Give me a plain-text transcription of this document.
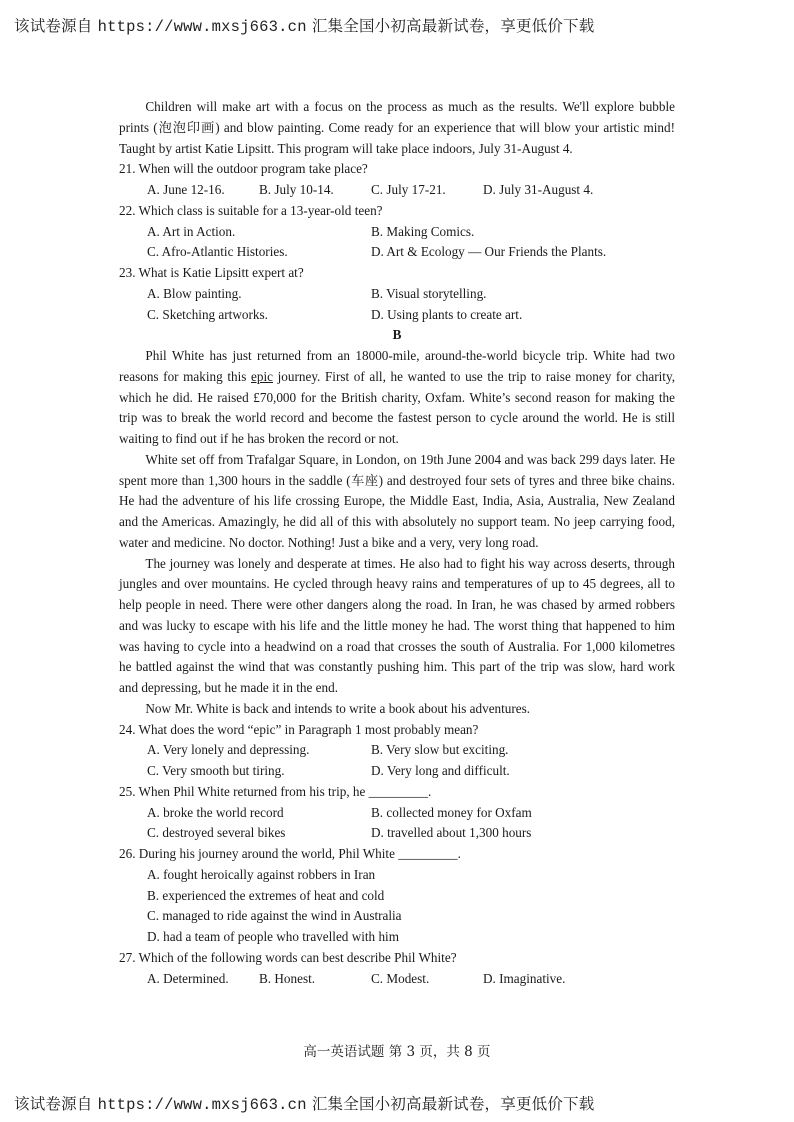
该试卷源自 https://www.mxsj663.cn 汇集全国小初高最新试卷，享更低价下载

Children will make art with a focus on the process as much as the results. We'll explore bubble prints (泡泡印画) and blow painting. Come ready for an experience that will blow your artistic mind! Taught by artist Katie Lipsitt. This program will take place indoors, July 31-August 4.

21. When will the outdoor program take place?

A. June 12-16.	B. July 10-14.	C. July 17-21.	D. July 31-August 4.

22. Which class is suitable for a 13-year-old teen?

A. Art in Action.	B. Making Comics.
C. Afro-Atlantic Histories.	D. Art & Ecology — Our Friends the Plants.

23. What is Katie Lipsitt expert at?

A. Blow painting.	B. Visual storytelling.
C. Sketching artworks.	D. Using plants to create art.

B

Phil White has just returned from an 18000-mile, around-the-world bicycle trip. White had two reasons for making this epic journey. First of all, he wanted to use the trip to raise money for charity, which he did. He raised £70,000 for the British charity, Oxfam. White’s second reason for making the trip was to break the world record and become the fastest person to cycle around the world. He is still waiting to find out if he has broken the record or not.

White set off from Trafalgar Square, in London, on 19th June 2004 and was back 299 days later. He spent more than 1,300 hours in the saddle (车座) and destroyed four sets of tyres and three bike chains. He had the adventure of his life crossing Europe, the Middle East, India, Asia, Australia, New Zealand and the Americas. Amazingly, he did all of this with absolutely no support team. No jeep carrying food, water and medicine. No doctor. Nothing! Just a bike and a very, very long road.

The journey was lonely and desperate at times. He also had to fight his way across deserts, through jungles and over mountains. He cycled through heavy rains and temperatures of up to 45 degrees, all to help people in need. There were other dangers along the road. In Iran, he was chased by armed robbers and was lucky to escape with his life and the little money he had. The worst thing that happened to him was having to cycle into a headwind on a road that crosses the south of Australia. For 1,000 kilometres he battled against the wind that was constantly pushing him. This part of the trip was slow, hard work and depressing, but he made it in the end.

Now Mr. White is back and intends to write a book about his adventures.

24. What does the word “epic” in Paragraph 1 most probably mean?

A. Very lonely and depressing.	B. Very slow but exciting.
C. Very smooth but tiring.	D. Very long and difficult.

25. When Phil White returned from his trip, he _________.

A. broke the world record	B. collected money for Oxfam
C. destroyed several bikes	D. travelled about 1,300 hours

26. During his journey around the world, Phil White _________.

A. fought heroically against robbers in Iran

B. experienced the extremes of heat and cold

C. managed to ride against the wind in Australia

D. had a team of people who travelled with him

27. Which of the following words can best describe Phil White?

A. Determined.	B. Honest.	C. Modest.	D. Imaginative.
高一英语试题 第 3 页，共 8 页
该试卷源自 https://www.mxsj663.cn 汇集全国小初高最新试卷，享更低价下载
